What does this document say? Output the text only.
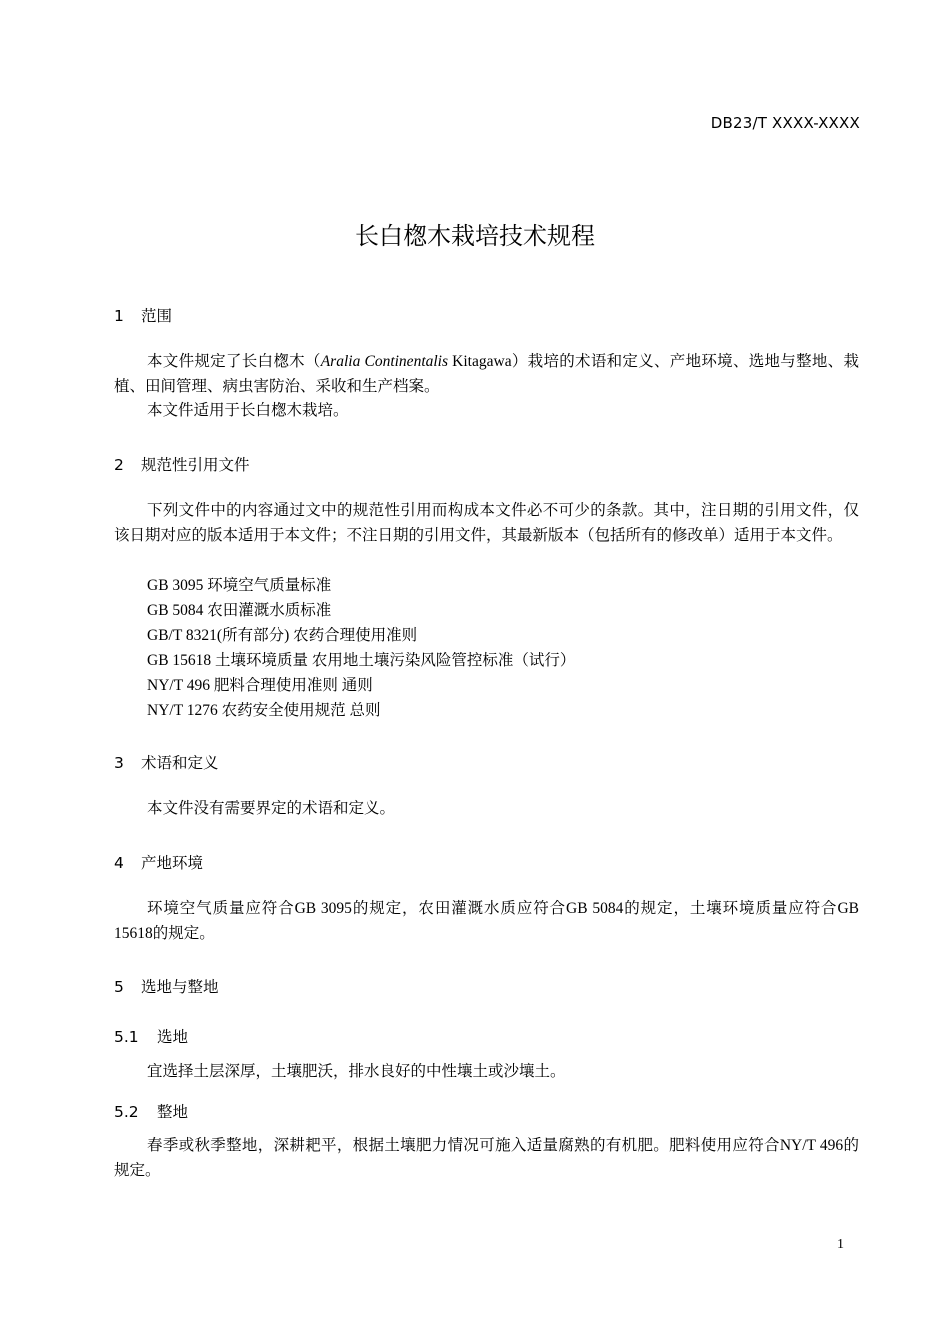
DB23/T XXXX-XXXX
长白楤木栽培技术规程
1 范围

本文件规定了长白楤木（Aralia Continentalis Kitagawa）栽培的术语和定义、产地环境、选地与整地、栽植、田间管理、病虫害防治、采收和生产档案。

本文件适用于长白楤木栽培。

2 规范性引用文件

下列文件中的内容通过文中的规范性引用而构成本文件必不可少的条款。其中，注日期的引用文件，仅该日期对应的版本适用于本文件；不注日期的引用文件，其最新版本（包括所有的修改单）适用于本文件。

GB 3095 环境空气质量标准
GB 5084 农田灌溉水质标准
GB/T 8321(所有部分) 农药合理使用准则
GB 15618 土壤环境质量 农用地土壤污染风险管控标准（试行）
NY/T 496 肥料合理使用准则 通则
NY/T 1276 农药安全使用规范 总则
3 术语和定义

本文件没有需要界定的术语和定义。

4 产地环境

环境空气质量应符合GB 3095的规定，农田灌溉水质应符合GB 5084的规定，土壤环境质量应符合GB 15618的规定。

5 选地与整地
5.1 选地

宜选择土层深厚，土壤肥沃，排水良好的中性壤土或沙壤土。

5.2 整地

春季或秋季整地，深耕耙平，根据土壤肥力情况可施入适量腐熟的有机肥。肥料使用应符合NY/T 496的规定。

1
